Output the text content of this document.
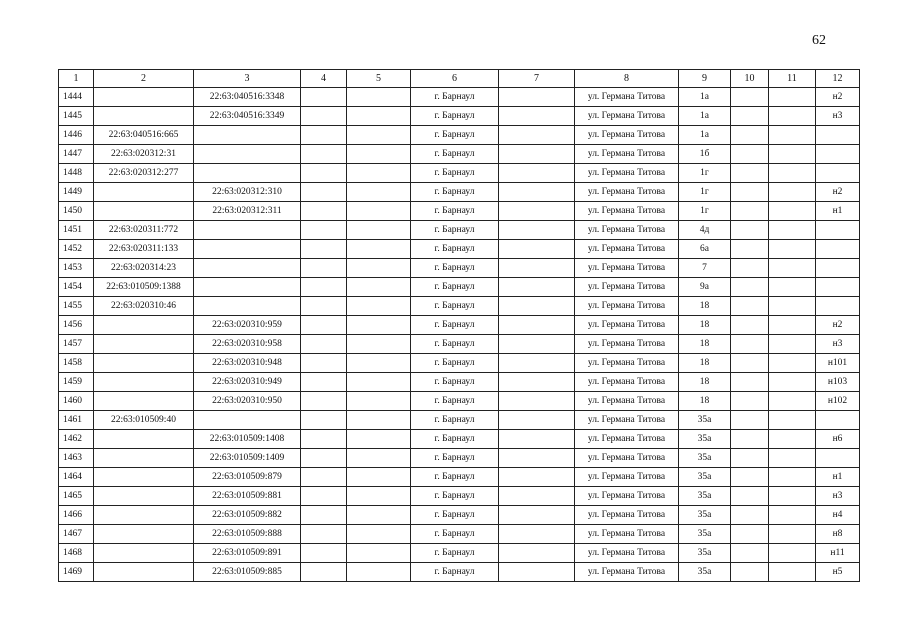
62
1	2	3	4	5	6	7	8	9	10	11	12
1444		22:63:040516:3348			г. Барнаул		ул. Германа Титова	1а			н2
1445		22:63:040516:3349			г. Барнаул		ул. Германа Титова	1а			н3
1446	22:63:040516:665				г. Барнаул		ул. Германа Титова	1а			
1447	22:63:020312:31				г. Барнаул		ул. Германа Титова	1б			
1448	22:63:020312:277				г. Барнаул		ул. Германа Титова	1г			
1449		22:63:020312:310			г. Барнаул		ул. Германа Титова	1г			н2
1450		22:63:020312:311			г. Барнаул		ул. Германа Титова	1г			н1
1451	22:63:020311:772				г. Барнаул		ул. Германа Титова	4д			
1452	22:63:020311:133				г. Барнаул		ул. Германа Титова	6а			
1453	22:63:020314:23				г. Барнаул		ул. Германа Титова	7			
1454	22:63:010509:1388				г. Барнаул		ул. Германа Титова	9а			
1455	22:63:020310:46				г. Барнаул		ул. Германа Титова	18			
1456		22:63:020310:959			г. Барнаул		ул. Германа Титова	18			н2
1457		22:63:020310:958			г. Барнаул		ул. Германа Титова	18			н3
1458		22:63:020310:948			г. Барнаул		ул. Германа Титова	18			н101
1459		22:63:020310:949			г. Барнаул		ул. Германа Титова	18			н103
1460		22:63:020310:950			г. Барнаул		ул. Германа Титова	18			н102
1461	22:63:010509:40				г. Барнаул		ул. Германа Титова	35а			
1462		22:63:010509:1408			г. Барнаул		ул. Германа Титова	35а			н6
1463		22:63:010509:1409			г. Барнаул		ул. Германа Титова	35а			
1464		22:63:010509:879			г. Барнаул		ул. Германа Титова	35а			н1
1465		22:63:010509:881			г. Барнаул		ул. Германа Титова	35а			н3
1466		22:63:010509:882			г. Барнаул		ул. Германа Титова	35а			н4
1467		22:63:010509:888			г. Барнаул		ул. Германа Титова	35а			н8
1468		22:63:010509:891			г. Барнаул		ул. Германа Титова	35а			н11
1469		22:63:010509:885			г. Барнаул		ул. Германа Титова	35а			н5
